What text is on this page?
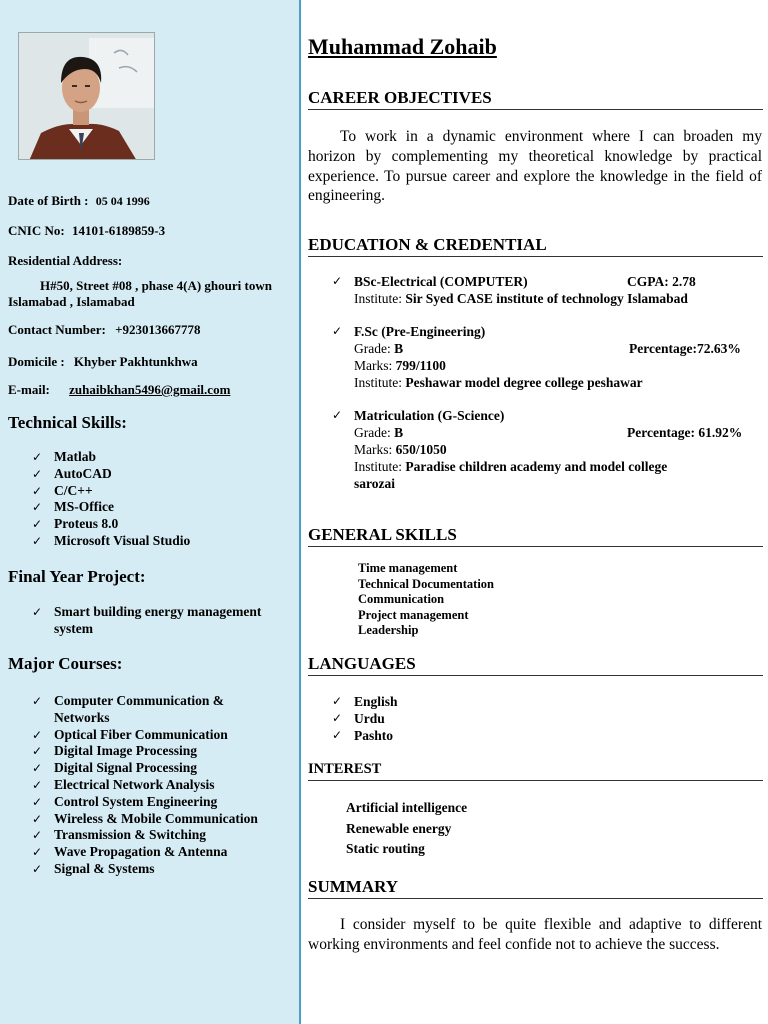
Date of Birth : 05 04 1996
CNIC No: 14101-6189859-3
Residential Address:
H#50, Street #08 , phase 4(A) ghouri town
Islamabad , Islamabad
Contact Number: +923013667778
Domicile : Khyber Pakhtunkhwa
E-mail: zuhaibkhan5496@gmail.com
Technical Skills:
✓ Matlab
✓ AutoCAD
✓ C/C++
✓ MS-Office
✓ Proteus 8.0
✓ Microsoft Visual Studio
Final Year Project:
✓ Smart building energy management
system
Major Courses:
✓ Computer Communication &
Networks
✓ Optical Fiber Communication
✓ Digital Image Processing
✓ Digital Signal Processing
✓ Electrical Network Analysis
✓ Control System Engineering
✓ Wireless & Mobile Communication
✓ Transmission & Switching
✓ Wave Propagation & Antenna
✓ Signal & Systems
Muhammad Zohaib
CAREER OBJECTIVES

To work in a dynamic environment where I can broaden my horizon by complementing my theoretical knowledge by practical experience. To pursue career and explore the knowledge in the field of engineering.

EDUCATION & CREDENTIAL
✓ BSc-Electrical (COMPUTER)	CGPA: 2.78
Institute: Sir Syed CASE institute of technology Islamabad
✓ F.Sc (Pre-Engineering)
Grade: B	Percentage:72.63%
Marks: 799/1100
Institute: Peshawar model degree college peshawar
✓ Matriculation (G-Science)
Grade: B	Percentage: 61.92%
Marks: 650/1050
Institute: Paradise children academy and model college
sarozai
GENERAL SKILLS
Time management
Technical Documentation
Communication
Project management
Leadership
LANGUAGES
✓ English
✓ Urdu
✓ Pashto
INTEREST
Artificial intelligence
Renewable energy
Static routing
SUMMARY

I consider myself to be quite flexible and adaptive to different working environments and feel confide not to achieve the success.
